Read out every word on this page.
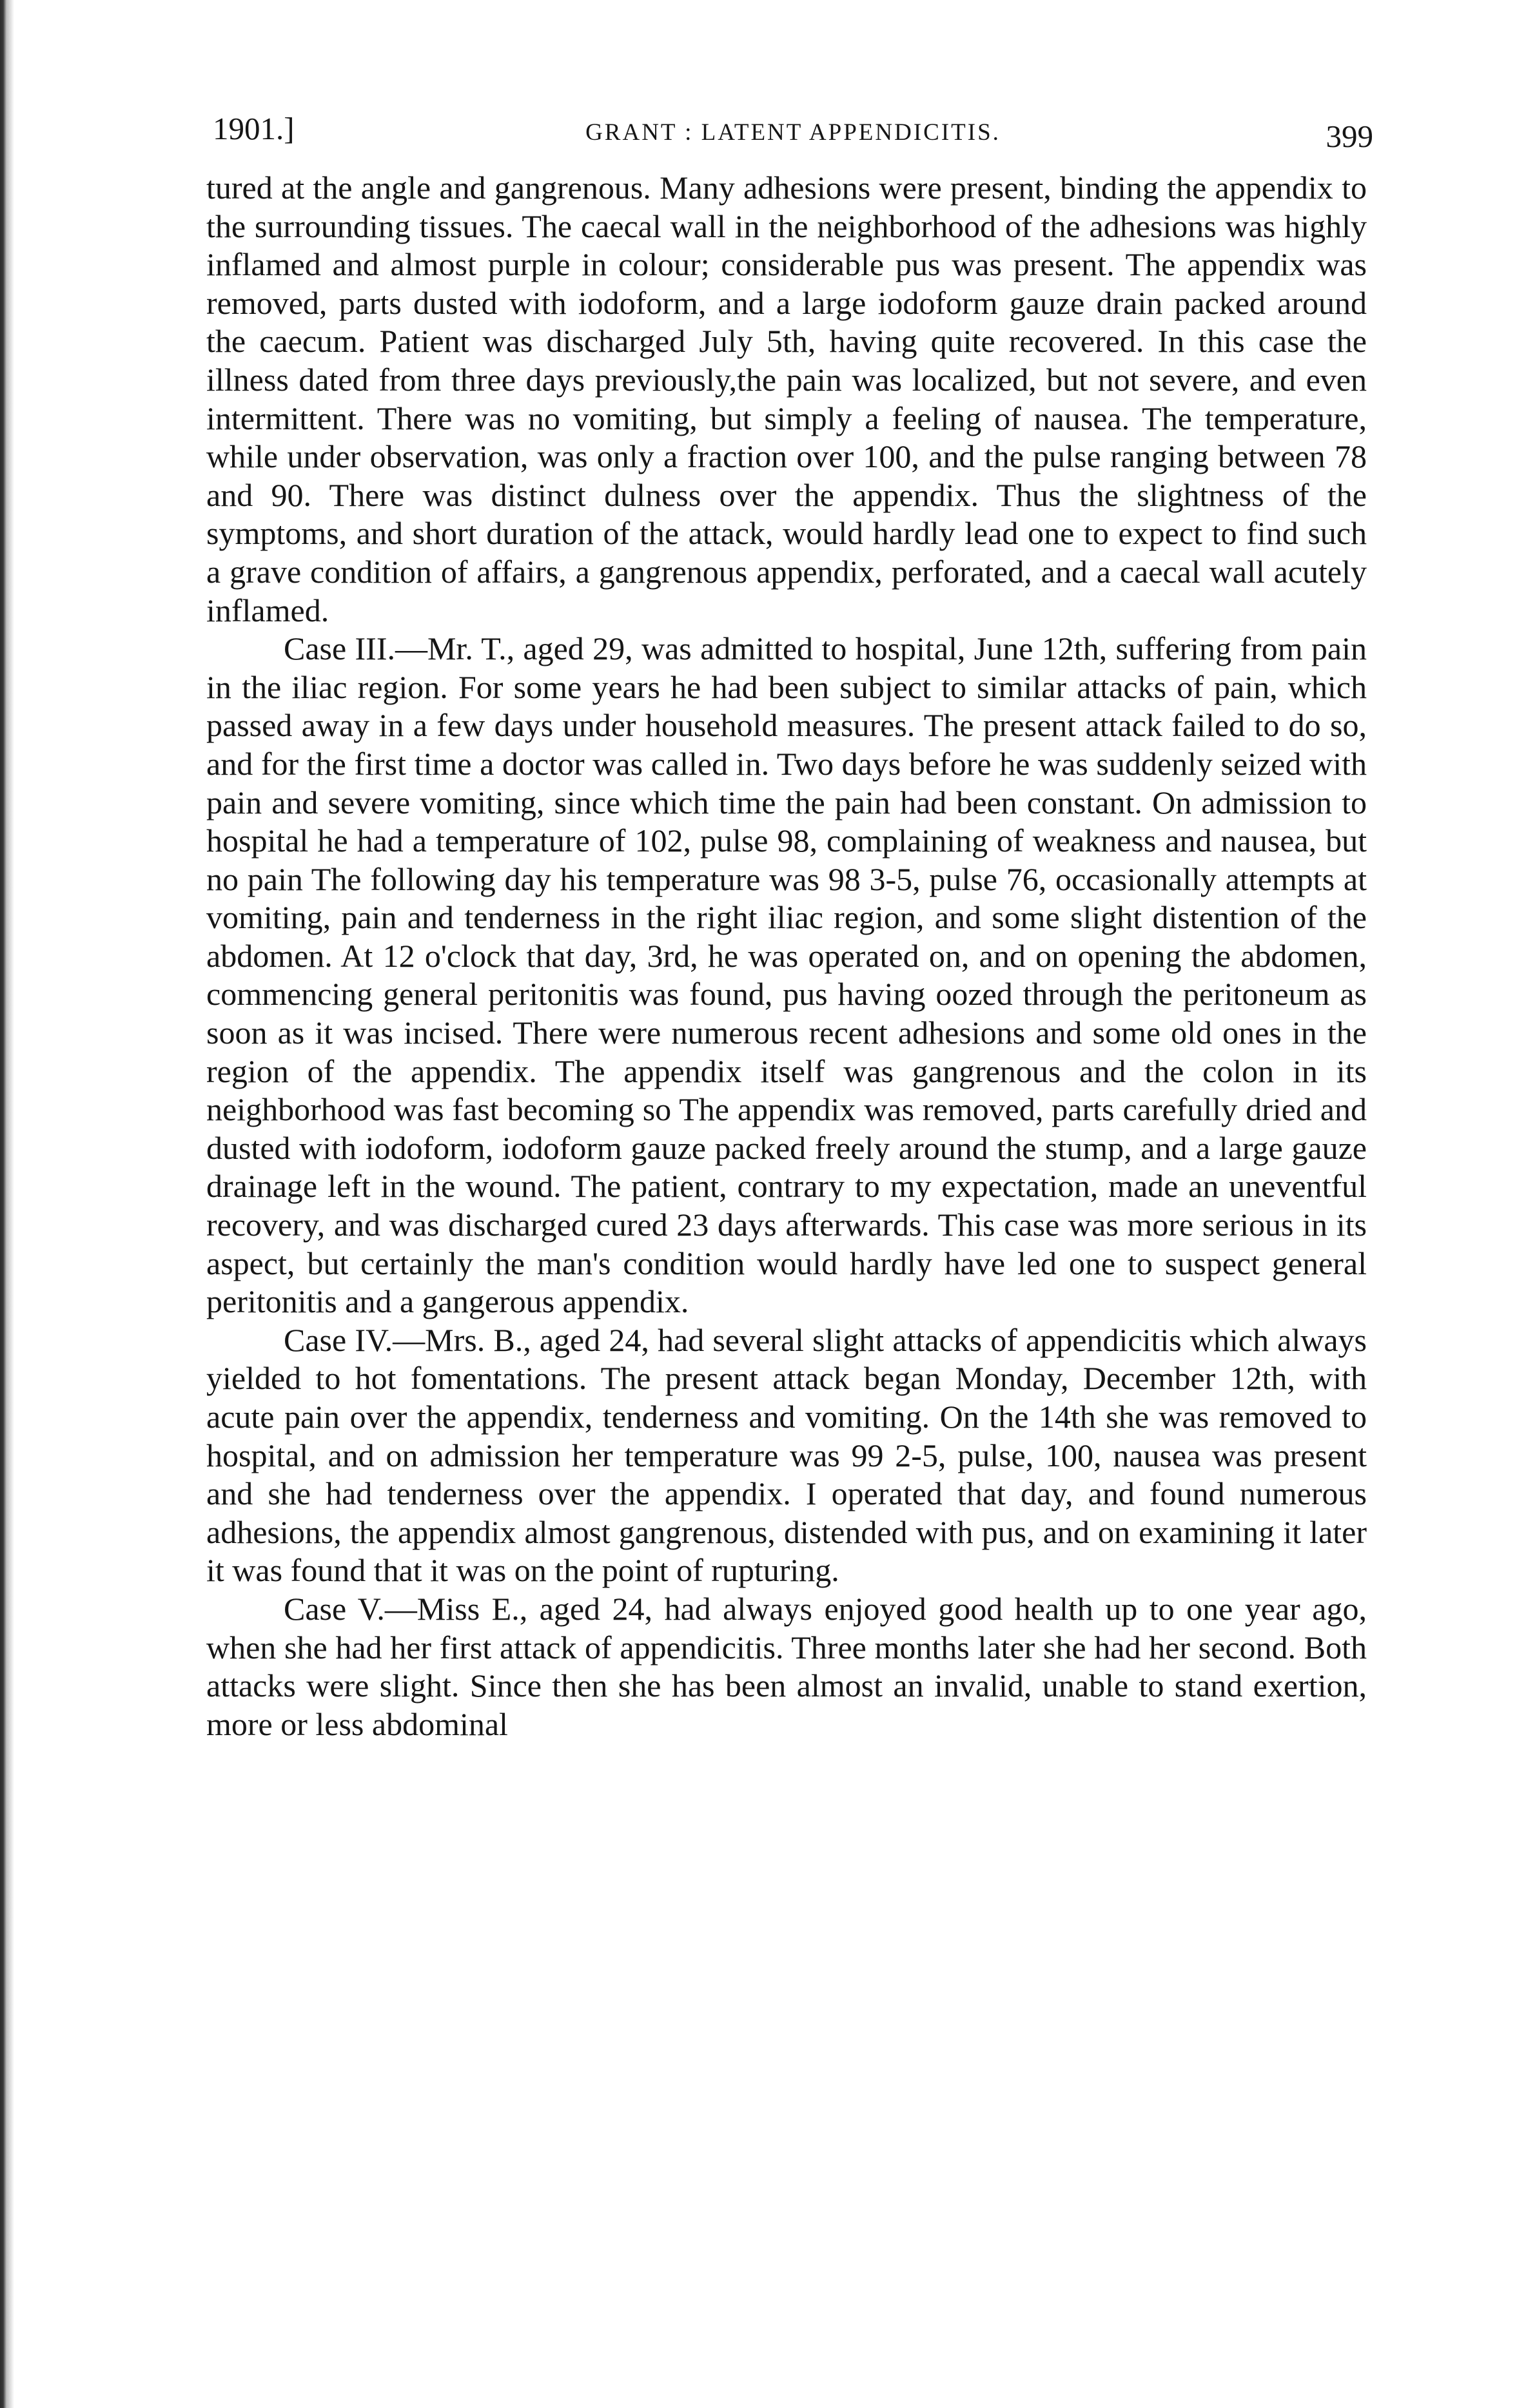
1901.]	GRANT : LATENT APPENDICITIS.	399

tured at the angle and gangrenous. Many adhesions were present, binding the appendix to the surrounding tissues. The caecal wall in the neighborhood of the adhesions was highly inflamed and almost purple in colour; considerable pus was present. The appendix was removed, parts dusted with iodoform, and a large iodoform gauze drain packed around the caecum. Patient was discharged July 5th, having quite recovered. In this case the illness dated from three days previously,the pain was localized, but not severe, and even intermittent. There was no vomiting, but simply a feeling of nausea. The temperature, while under observation, was only a fraction over 100, and the pulse ranging between 78 and 90. There was distinct dulness over the appendix. Thus the slightness of the symptoms, and short duration of the attack, would hardly lead one to expect to find such a grave condition of affairs, a gangrenous appendix, perforated, and a caecal wall acutely inflamed.

Case III.—Mr. T., aged 29, was admitted to hospital, June 12th, suffering from pain in the iliac region. For some years he had been subject to similar attacks of pain, which passed away in a few days under household measures. The present attack failed to do so, and for the first time a doctor was called in. Two days before he was suddenly seized with pain and severe vomiting, since which time the pain had been constant. On admission to hospital he had a temperature of 102, pulse 98, complaining of weakness and nausea, but no pain The following day his temperature was 98 3-5, pulse 76, occasionally attempts at vomiting, pain and tenderness in the right iliac region, and some slight distention of the abdomen. At 12 o'clock that day, 3rd, he was operated on, and on opening the abdomen, commencing general peritonitis was found, pus having oozed through the peritoneum as soon as it was incised. There were numerous recent adhesions and some old ones in the region of the appendix. The appendix itself was gangrenous and the colon in its neighborhood was fast becoming so The appendix was removed, parts carefully dried and dusted with iodoform, iodoform gauze packed freely around the stump, and a large gauze drainage left in the wound. The patient, contrary to my expectation, made an uneventful recovery, and was discharged cured 23 days afterwards. This case was more serious in its aspect, but certainly the man's condition would hardly have led one to suspect general peritonitis and a gangerous appendix.

Case IV.—Mrs. B., aged 24, had several slight attacks of appendicitis which always yielded to hot fomentations. The present attack began Monday, December 12th, with acute pain over the appendix, tenderness and vomiting. On the 14th she was removed to hospital, and on admission her temperature was 99 2-5, pulse, 100, nausea was present and she had tenderness over the appendix. I operated that day, and found numerous adhesions, the appendix almost gangrenous, distended with pus, and on examining it later it was found that it was on the point of rupturing.

Case V.—Miss E., aged 24, had always enjoyed good health up to one year ago, when she had her first attack of appendicitis. Three months later she had her second. Both attacks were slight. Since then she has been almost an invalid, unable to stand exertion, more or less abdominal
